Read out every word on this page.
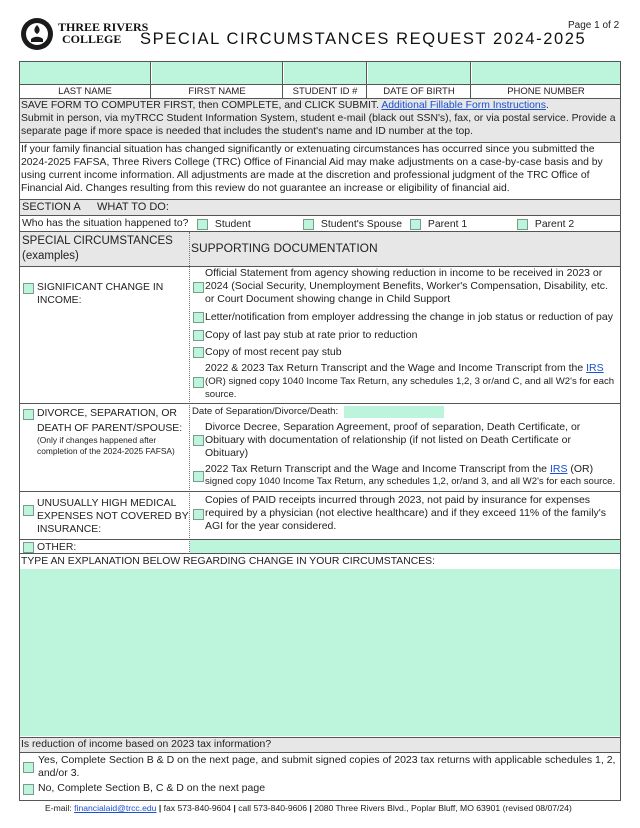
THREE RIVERS
COLLEGE	SPECIAL CIRCUMSTANCES REQUEST 2024-2025
Page 1 of 2
LAST NAME	FIRST NAME	STUDENT ID #	DATE OF BIRTH	PHONE NUMBER
SAVE FORM TO COMPUTER FIRST, then COMPLETE, and CLICK SUBMIT. Additional Fillable Form Instructions.
Submit in person, via myTRCC Student Information System, student e-mail (black out SSN's), fax, or via postal service. Provide a separate page if more space is needed that includes the student's name and ID number at the top.
If your family financial situation has changed significantly or extenuating circumstances has occurred since you submitted the 2024-2025 FAFSA, Three Rivers College (TRC) Office of Financial Aid may make adjustments on a case-by-case basis and by using current income information. All adjustments are made at the discretion and professional judgment of the TRC Office of Financial Aid. Changes resulting from this review do not guarantee an increase or eligibility of financial aid.
SECTION A WHAT TO DO:
Who has the situation happened to?	Student	Student's Spouse	Parent 1	Parent 2
SPECIAL CIRCUMSTANCES
(examples)
SUPPORTING DOCUMENTATION
SIGNIFICANT CHANGE IN
INCOME:
Official Statement from agency showing reduction in income to be received in 2023 or
2024 (Social Security, Unemployment Benefits, Worker's Compensation, Disability, etc.
or Court Document showing change in Child Support
Letter/notification from employer addressing the change in job status or reduction of pay
Copy of last pay stub at rate prior to reduction
Copy of most recent pay stub
2022 & 2023 Tax Return Transcript and the Wage and Income Transcript from the IRS
(OR) signed copy 1040 Income Tax Return, any schedules 1,2, 3 or/and C, and all W2's for each
source.
DIVORCE, SEPARATION, OR
DEATH OF PARENT/SPOUSE:
(Only if changes happened after
completion of the 2024-2025 FAFSA)
Date of Separation/Divorce/Death:
Divorce Decree, Separation Agreement, proof of separation, Death Certificate, or
Obituary with documentation of relationship (if not listed on Death Certificate or
Obituary)
2022 Tax Return Transcript and the Wage and Income Transcript from the IRS (OR)
signed copy 1040 Income Tax Return, any schedules 1,2, or/and 3, and all W2's for each source.
UNUSUALLY HIGH MEDICAL
EXPENSES NOT COVERED BY
INSURANCE:
Copies of PAID receipts incurred through 2023, not paid by insurance for expenses
required by a physician (not elective healthcare) and if they exceed 11% of the family's
AGI for the year considered.
OTHER:
TYPE AN EXPLANATION BELOW REGARDING CHANGE IN YOUR CIRCUMSTANCES:
Is reduction of income based on 2023 tax information?
Yes, Complete Section B & D on the next page, and submit signed copies of 2023 tax returns with applicable schedules 1, 2,
and/or 3.
No, Complete Section B, C & D on the next page
E-mail: financialaid@trcc.edu | fax 573-840-9604 | call 573-840-9606 | 2080 Three Rivers Blvd., Poplar Bluff, MO 63901 (revised 08/07/24)
